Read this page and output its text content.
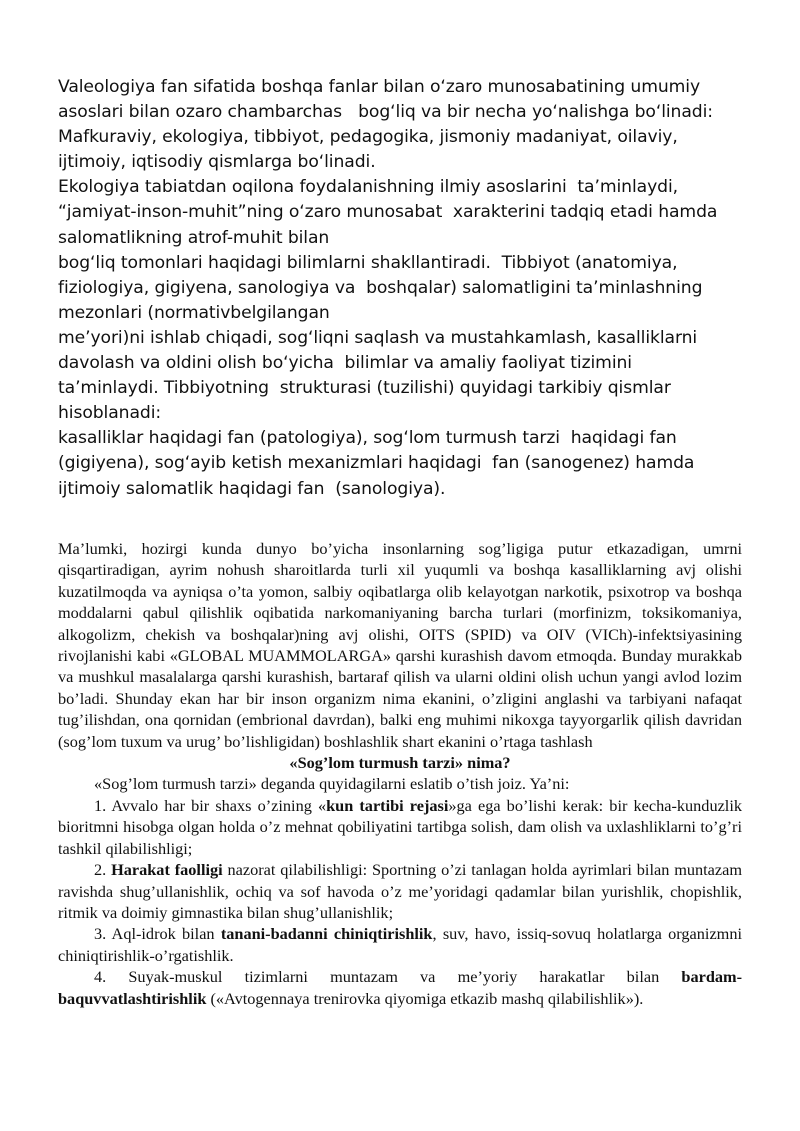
Valeologiya fan sifatida boshqa fanlar bilan o‘zaro munosabatining umumiy

asoslari bilan ozaro chambarchas   bog‘liq va bir necha yo‘nalishga bo‘linadi:

Mafkuraviy, ekologiya, tibbiyot, pedagogika, jismoniy madaniyat, oilaviy,

ijtimoiy, iqtisodiy qismlarga bo‘linadi.

Ekologiya tabiatdan oqilona foydalanishning ilmiy asoslarini  ta’minlaydi,

“jamiyat-inson-muhit”ning o‘zaro munosabat  xarakterini tadqiq etadi hamda

salomatlikning atrof-muhit bilan

bog‘liq tomonlari haqidagi bilimlarni shakllantiradi.  Tibbiyot (anatomiya,

fiziologiya, gigiyena, sanologiya va  boshqalar) salomatligini ta’minlashning

mezonlari (normativbelgilangan

me’yori)ni ishlab chiqadi, sog‘liqni saqlash va mustahkamlash, kasalliklarni

davolash va oldini olish bo‘yicha  bilimlar va amaliy faoliyat tizimini

ta’minlaydi. Tibbiyotning  strukturasi (tuzilishi) quyidagi tarkibiy qismlar

hisoblanadi:

kasalliklar haqidagi fan (patologiya), sog‘lom turmush tarzi  haqidagi fan

(gigiyena), sog‘ayib ketish mexanizmlari haqidagi  fan (sanogenez) hamda

ijtimoiy salomatlik haqidagi fan  (sanologiya).

Ma’lumki, hozirgi kunda dunyo bo’yicha insonlarning sog’ligiga putur etkazadigan, umrni qisqartiradigan, ayrim nohush sharoitlarda turli xil yuqumli va boshqa kasalliklarning avj olishi kuzatilmoqda va ayniqsa o’ta yomon, salbiy oqibatlarga olib kelayotgan narkotik, psixotrop va boshqa moddalarni qabul qilishlik oqibatida narkomaniyaning barcha turlari (morfinizm, toksikomaniya, alkogolizm, chekish va boshqalar)ning avj olishi, OITS (SPID) va OIV (VICh)-infektsiyasining rivojlanishi kabi «GLOBAL MUAMMOLARGA» qarshi kurashish davom etmoqda. Bunday murakkab va mushkul masalalarga qarshi kurashish, bartaraf qilish va ularni oldini olish uchun yangi avlod lozim bo’ladi. Shunday ekan har bir inson organizm nima ekanini, o’zligini anglashi va tarbiyani nafaqat tug’ilishdan, ona qornidan (embrional davrdan), balki eng muhimi nikoxga tayyorgarlik qilish davridan (sog’lom tuxum va urug’ bo’lishligidan) boshlashlik shart ekanini o’rtaga tashlash

«Sog’lom turmush tarzi» nima?

«Sog’lom turmush tarzi» deganda quyidagilarni eslatib o’tish joiz. Ya’ni:

1. Avvalo har bir shaxs o’zining «kun tartibi rejasi»ga ega bo’lishi kerak: bir kecha-kunduzlik bioritmni hisobga olgan holda o’z mehnat qobiliyatini tartibga solish, dam olish va uxlashliklarni to’g’ri tashkil qilabilishligi;

2. Harakat faolligi nazorat qilabilishligi: Sportning o’zi tanlagan holda ayrimlari bilan muntazam ravishda shug’ullanishlik, ochiq va sof havoda o’z me’yoridagi qadamlar bilan yurishlik, chopishlik, ritmik va doimiy gimnastika bilan shug’ullanishlik;

3. Aql-idrok bilan tanani-badanni chiniqtirishlik, suv, havo, issiq-sovuq holatlarga organizmni chiniqtirishlik-o’rgatishlik.

4. Suyak-muskul tizimlarni muntazam va me’yoriy harakatlar bilan bardam-baquvvatlashtirishlik («Avtogennaya trenirovka qiyomiga etkazib mashq qilabilishlik»).
